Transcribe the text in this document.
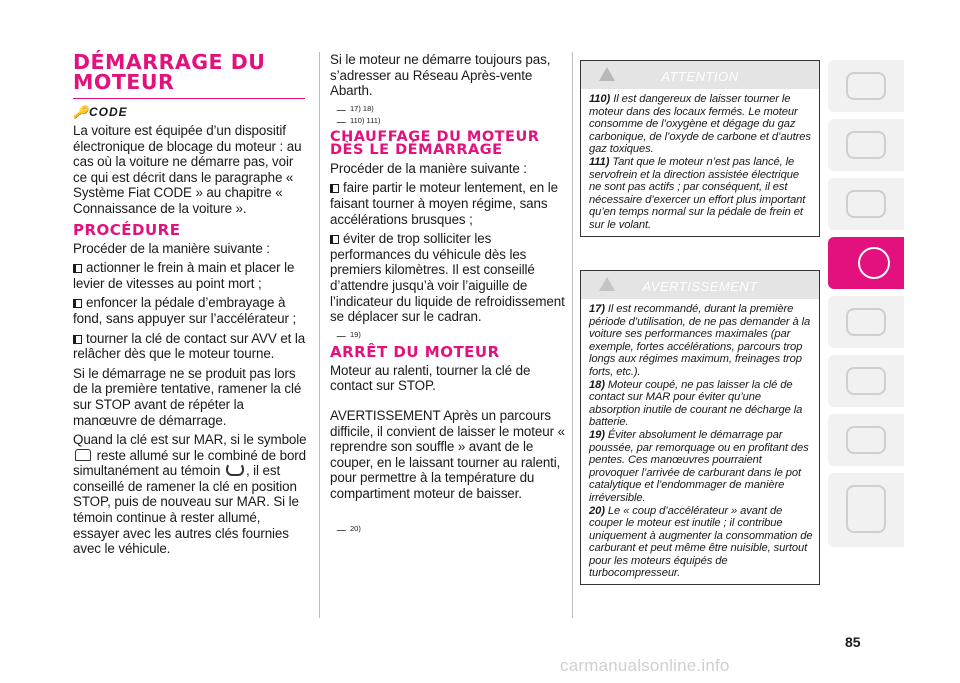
DÉMARRAGE DU MOTEUR
🔑CODE

La voiture est équipée d’un dispositif électronique de blocage du moteur : au cas où la voiture ne démarre pas, voir ce qui est décrit dans le paragraphe « Système Fiat CODE » au chapitre « Connaissance de la voiture ».

PROCÉDURE

Procéder de la manière suivante :

actionner le frein à main et placer le levier de vitesses au point mort ;

enfoncer la pédale d’embrayage à fond, sans appuyer sur l’accélérateur ;

tourner la clé de contact sur AVV et la relâcher dès que le moteur tourne.

Si le démarrage ne se produit pas lors de la première tentative, ramener la clé sur STOP avant de répéter la manœuvre de démarrage.

Quand la clé est sur MAR, si le symbole  reste allumé sur le combiné de bord simultanément au témoin , il est conseillé de ramener la clé en position STOP, puis de nouveau sur MAR. Si le témoin continue à rester allumé, essayer avec les autres clés fournies avec le véhicule.

Si le moteur ne démarre toujours pas, s’adresser au Réseau Après-vente Abarth.

17) 18)
110) 111)
CHAUFFAGE DU MOTEUR DÈS LE DÉMARRAGE

Procéder de la manière suivante :

faire partir le moteur lentement, en le faisant tourner à moyen régime, sans accélérations brusques ;

éviter de trop solliciter les performances du véhicule dès les premiers kilomètres. Il est conseillé d’attendre jusqu’à voir l’aiguille de l’indicateur du liquide de refroidissement se déplacer sur le cadran.

19)
ARRÊT DU MOTEUR

Moteur au ralenti, tourner la clé de contact sur STOP.

AVERTISSEMENT Après un parcours difficile, il convient de laisser le moteur « reprendre son souffle » avant de le couper, en le laissant tourner au ralenti, pour permettre à la température du compartiment moteur de baisser.

20)
ATTENTION

110) Il est dangereux de laisser tourner le moteur dans des locaux fermés. Le moteur consomme de l’oxygène et dégage du gaz carbonique, de l’oxyde de carbone et d’autres gaz toxiques.

111) Tant que le moteur n’est pas lancé, le servofrein et la direction assistée électrique ne sont pas actifs ; par conséquent, il est nécessaire d’exercer un effort plus important qu’en temps normal sur la pédale de frein et sur le volant.

AVERTISSEMENT

17) Il est recommandé, durant la première période d’utilisation, de ne pas demander à la voiture ses performances maximales (par exemple, fortes accélérations, parcours trop longs aux régimes maximum, freinages trop forts, etc.).

18) Moteur coupé, ne pas laisser la clé de contact sur MAR pour éviter qu’une absorption inutile de courant ne décharge la batterie.

19) Éviter absolument le démarrage par poussée, par remorquage ou en profitant des pentes. Ces manœuvres pourraient provoquer l’arrivée de carburant dans le pot catalytique et l’endommager de manière irréversible.

20) Le « coup d’accélérateur » avant de couper le moteur est inutile ; il contribue uniquement à augmenter la consommation de carburant et peut même être nuisible, surtout pour les moteurs équipés de turbocompresseur.

85
carmanualsonline.info
